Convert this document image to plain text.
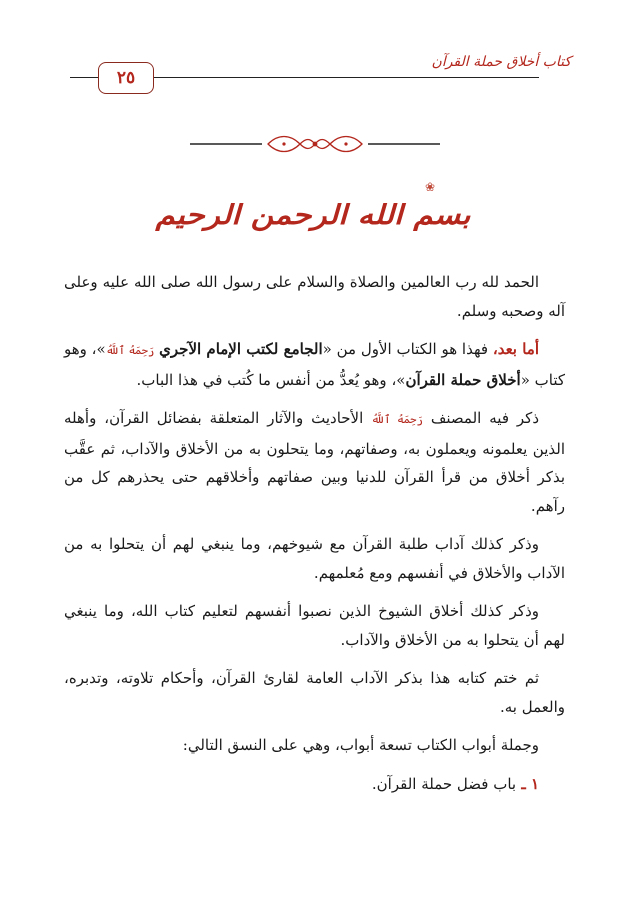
٢٥
كتاب أخلاق حملة القرآن
❀
بسم الله الرحمن الرحيم

الحمد لله رب العالمين والصلاة والسلام على رسول الله صلى الله عليه وعلى آله وصحبه وسلم.

أما بعد، فهذا هو الكتاب الأول من «الجامع لكتب الإمام الآجري رَحِمَهُ ٱللَّهُ»، وهو كتاب «أخلاق حملة القرآن»، وهو يُعدُّ من أنفس ما كُتب في هذا الباب.

ذكر فيه المصنف رَحِمَهُ ٱللَّهُ الأحاديث والآثار المتعلقة بفضائل القرآن، وأهله الذين يعلمونه ويعملون به، وصفاتهم، وما يتحلون به من الأخلاق والآداب، ثم عقَّب بذكر أخلاق من قرأ القرآن للدنيا وبين صفاتهم وأخلاقهم حتى يحذرهم كل من رآهم.

وذكر كذلك آداب طلبة القرآن مع شيوخهم، وما ينبغي لهم أن يتحلوا به من الآداب والأخلاق في أنفسهم ومع مُعلمهم.

وذكر كذلك أخلاق الشيوخ الذين نصبوا أنفسهم لتعليم كتاب الله، وما ينبغي لهم أن يتحلوا به من الأخلاق والآداب.

ثم ختم كتابه هذا بذكر الآداب العامة لقارئ القرآن، وأحكام تلاوته، وتدبره، والعمل به.

وجملة أبواب الكتاب تسعة أبواب، وهي على النسق التالي:

١ ـ باب فضل حملة القرآن.
